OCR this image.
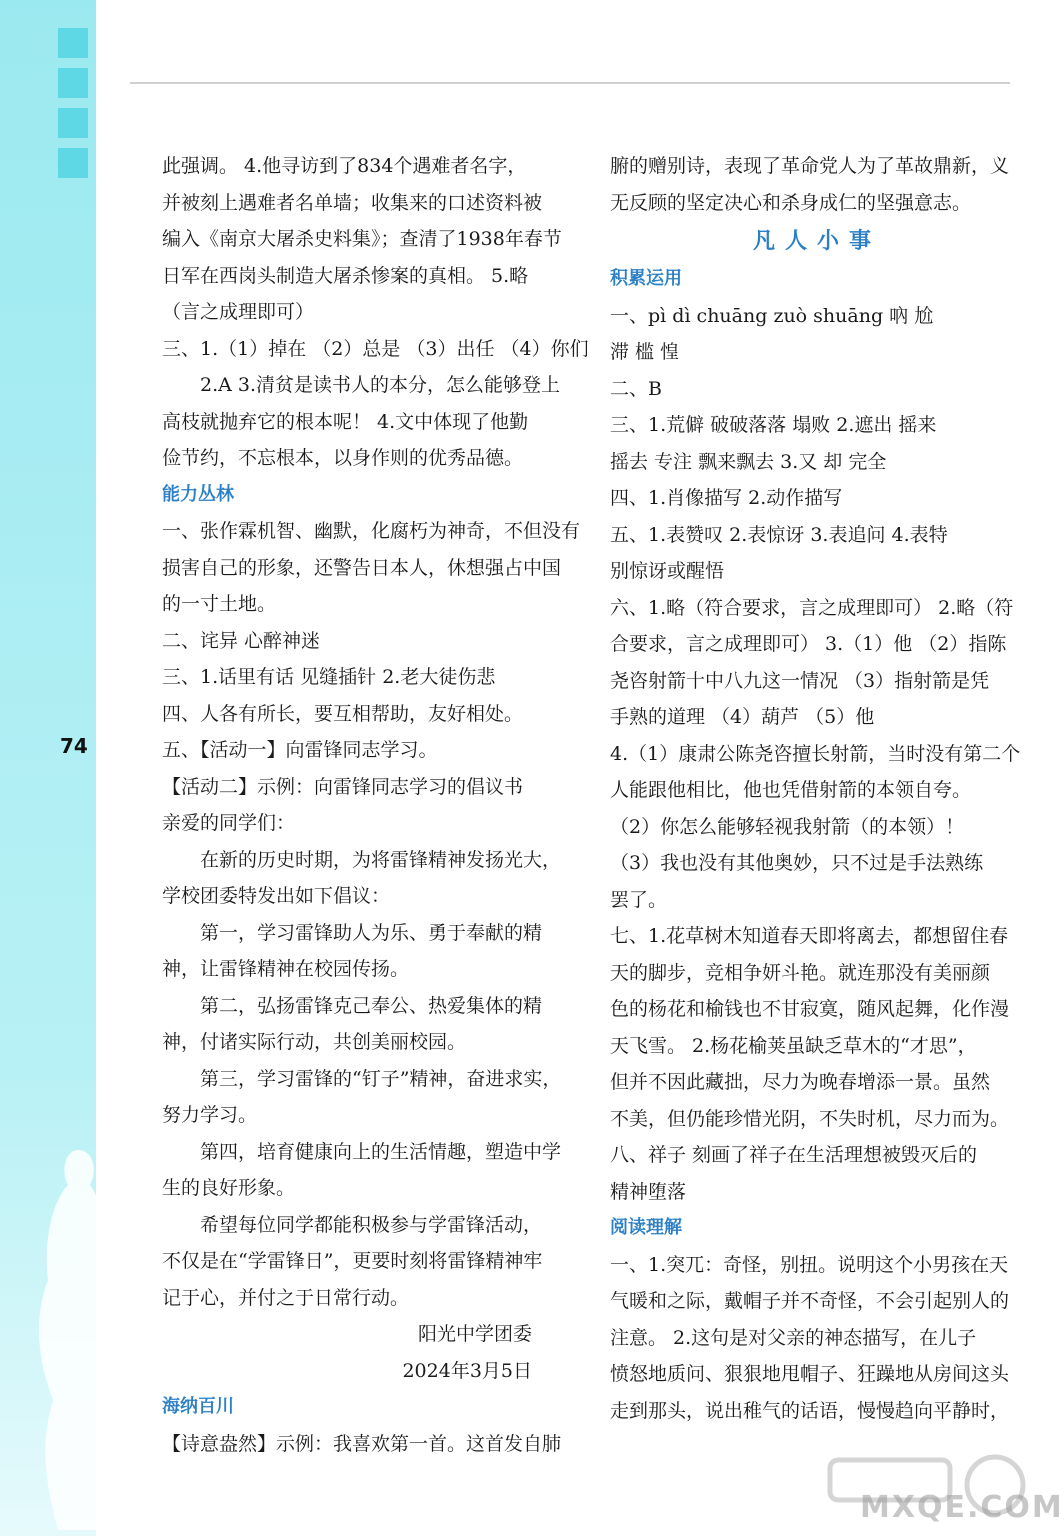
74
此强调。 4.他寻访到了834个遇难者名字，
并被刻上遇难者名单墙；收集来的口述资料被
编入《南京大屠杀史料集》；查清了1938年春节
日军在西岗头制造大屠杀惨案的真相。 5.略
（言之成理即可）
三、1.（1）掉在 （2）总是 （3）出任 （4）你们
2.A 3.清贫是读书人的本分，怎么能够登上
高枝就抛弃它的根本呢！ 4.文中体现了他勤
俭节约，不忘根本，以身作则的优秀品德。
能力丛林
一、张作霖机智、幽默，化腐朽为神奇，不但没有
损害自己的形象，还警告日本人，休想强占中国
的一寸土地。
二、诧异 心醉神迷
三、1.话里有话 见缝插针 2.老大徒伤悲
四、人各有所长，要互相帮助，友好相处。
五、【活动一】向雷锋同志学习。
【活动二】示例：向雷锋同志学习的倡议书
亲爱的同学们：
在新的历史时期，为将雷锋精神发扬光大，
学校团委特发出如下倡议：
第一，学习雷锋助人为乐、勇于奉献的精
神，让雷锋精神在校园传扬。
第二，弘扬雷锋克己奉公、热爱集体的精
神，付诸实际行动，共创美丽校园。
第三，学习雷锋的“钉子”精神，奋进求实，
努力学习。
第四，培育健康向上的生活情趣，塑造中学
生的良好形象。
希望每位同学都能积极参与学雷锋活动，
不仅是在“学雷锋日”，更要时刻将雷锋精神牢
记于心，并付之于日常行动。
阳光中学团委
2024年3月5日
海纳百川
【诗意盎然】示例：我喜欢第一首。这首发自肺
腑的赠别诗，表现了革命党人为了革故鼎新，义
无反顾的坚定决心和杀身成仁的坚强意志。
凡人小事
积累运用
一、pì dì chuāng zuò shuāng 吶 尬
滞 槛 惶
二、B
三、1.荒僻 破破落落 塌败 2.遮出 摇来
摇去 专注 飘来飘去 3.又 却 完全
四、1.肖像描写 2.动作描写
五、1.表赞叹 2.表惊讶 3.表追问 4.表特
别惊讶或醒悟
六、1.略（符合要求，言之成理即可） 2.略（符
合要求，言之成理即可） 3.（1）他 （2）指陈
尧咨射箭十中八九这一情况 （3）指射箭是凭
手熟的道理 （4）葫芦 （5）他
4.（1）康肃公陈尧咨擅长射箭，当时没有第二个
人能跟他相比，他也凭借射箭的本领自夸。
（2）你怎么能够轻视我射箭（的本领）！
（3）我也没有其他奥妙，只不过是手法熟练
罢了。
七、1.花草树木知道春天即将离去，都想留住春
天的脚步，竞相争妍斗艳。就连那没有美丽颜
色的杨花和榆钱也不甘寂寞，随风起舞，化作漫
天飞雪。 2.杨花榆荚虽缺乏草木的“才思”，
但并不因此藏拙，尽力为晚春增添一景。虽然
不美，但仍能珍惜光阴，不失时机，尽力而为。
八、祥子 刻画了祥子在生活理想被毁灭后的
精神堕落
阅读理解
一、1.突兀：奇怪，别扭。说明这个小男孩在天
气暖和之际，戴帽子并不奇怪，不会引起别人的
注意。 2.这句是对父亲的神态描写，在儿子
愤怒地质问、狠狠地甩帽子、狂躁地从房间这头
走到那头，说出稚气的话语，慢慢趋向平静时，
MXQE.COM
